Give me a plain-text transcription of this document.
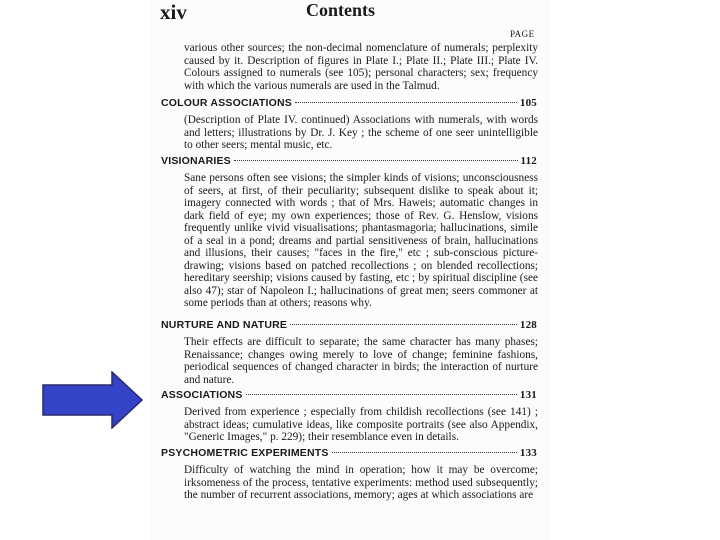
xiv	Contents
PAGE
various other sources; the non-decimal nomenclature of numerals; perplexity caused by it. Description of figures in Plate I.; Plate II.; Plate III.; Plate IV. Colours assigned to numerals (see 105); personal characters; sex; frequency with which the various numerals are used in the Talmud.
COLOUR ASSOCIATIONS	105
(Description of Plate IV. continued) Associations with numerals, with words and letters; illustrations by Dr. J. Key ; the scheme of one seer unintelligible to other seers; mental music, etc.
VISIONARIES	112
Sane persons often see visions; the simpler kinds of visions; unconsciousness of seers, at first, of their peculiarity; subsequent dislike to speak about it; imagery connected with words ; that of Mrs. Haweis; automatic changes in dark field of eye; my own experiences; those of Rev. G. Henslow, visions frequently unlike vivid visualisations; phantasmagoria; hallucinations, simile of a seal in a pond; dreams and partial sensitiveness of brain, hallucinations and illusions, their causes; "faces in the fire," etc ; sub-conscious picture-drawing; visions based on patched recollections ; on blended recollections; hereditary seership; visions caused by fasting, etc ; by spiritual discipline (see also 47); star of Napoleon I.; hallucinations of great men; seers commoner at some periods than at others; reasons why.
NURTURE AND NATURE	128
Their effects are difficult to separate; the same character has many phases; Renaissance; changes owing merely to love of change; feminine fashions, periodical sequences of changed character in birds; the interaction of nurture and nature.
ASSOCIATIONS	131
Derived from experience ; especially from childish recollections (see 141) ; abstract ideas; cumulative ideas, like composite portraits (see also Appendix, "Generic Images," p. 229); their resemblance even in details.
PSYCHOMETRIC EXPERIMENTS	133
Difficulty of watching the mind in operation; how it may be overcome; irksomeness of the process, tentative experiments: method used subsequently; the number of recurrent associations, memory; ages at which associations are
